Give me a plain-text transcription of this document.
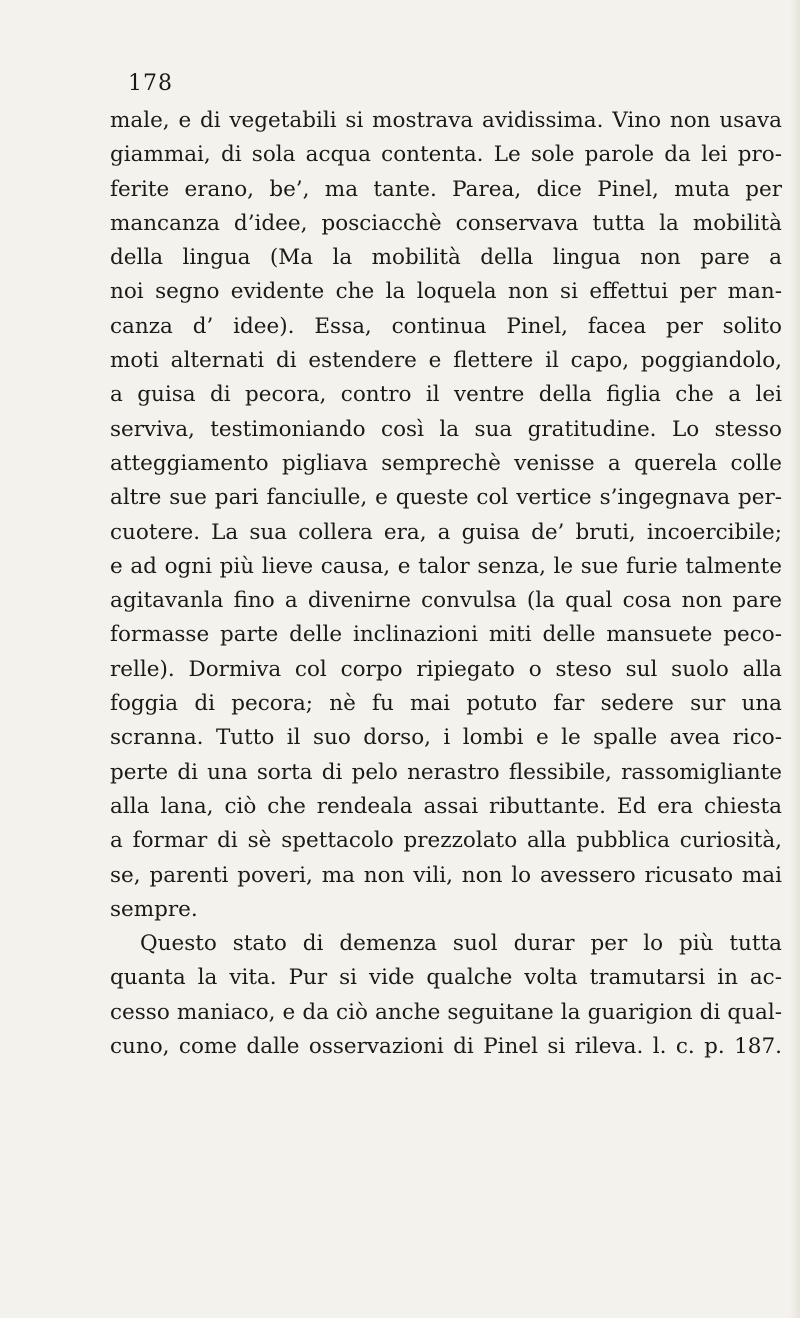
178
male, e di vegetabili si mostrava avidissima. Vino non usava
giammai, di sola acqua contenta. Le sole parole da lei pro-
ferite erano, be’, ma tante. Parea, dice Pinel, muta per
mancanza d’idee, posciacchè conservava tutta la mobilità
della lingua (Ma la mobilità della lingua non pare a
noi segno evidente che la loquela non si effettui per man-
canza d’ idee). Essa, continua Pinel, facea per solito
moti alternati di estendere e flettere il capo, poggiandolo,
a guisa di pecora, contro il ventre della figlia che a lei
serviva, testimoniando così la sua gratitudine. Lo stesso
atteggiamento pigliava semprechè venisse a querela colle
altre sue pari fanciulle, e queste col vertice s’ingegnava per-
cuotere. La sua collera era, a guisa de’ bruti, incoercibile;
e ad ogni più lieve causa, e talor senza, le sue furie talmente
agitavanla fino a divenirne convulsa (la qual cosa non pare
formasse parte delle inclinazioni miti delle mansuete peco-
relle). Dormiva col corpo ripiegato o steso sul suolo alla
foggia di pecora; nè fu mai potuto far sedere sur una
scranna. Tutto il suo dorso, i lombi e le spalle avea rico-
perte di una sorta di pelo nerastro flessibile, rassomigliante
alla lana, ciò che rendeala assai ributtante. Ed era chiesta
a formar di sè spettacolo prezzolato alla pubblica curiosità,
se, parenti poveri, ma non vili, non lo avessero ricusato mai
sempre.
Questo stato di demenza suol durar per lo più tutta
quanta la vita. Pur si vide qualche volta tramutarsi in ac-
cesso maniaco, e da ciò anche seguitane la guarigion di qual-
cuno, come dalle osservazioni di Pinel si rileva. l. c. p. 187.
